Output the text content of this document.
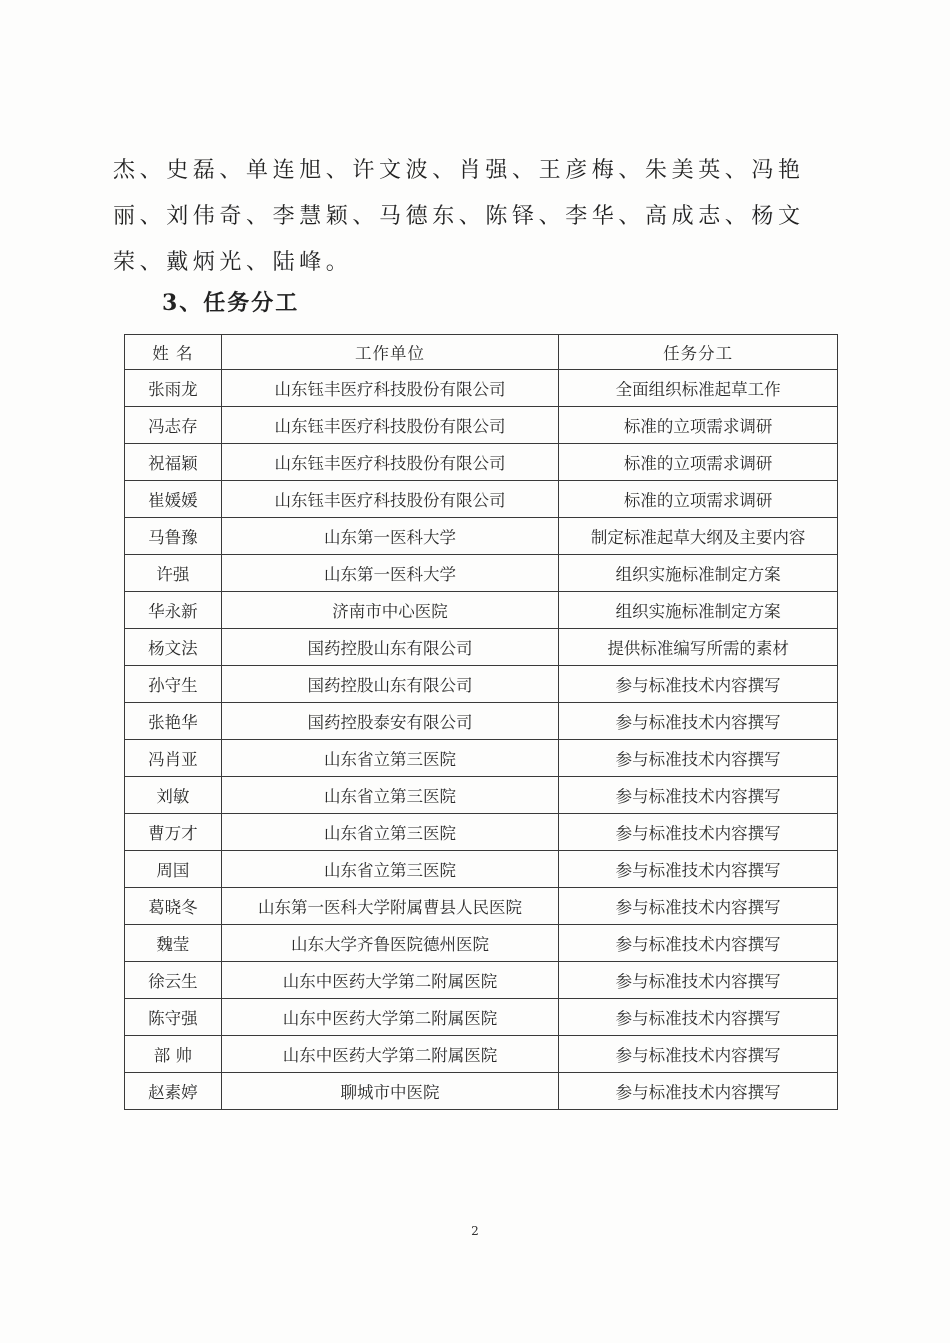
杰、史磊、单连旭、许文波、肖强、王彦梅、朱美英、冯艳丽、刘伟奇、李慧颖、马德东、陈铎、李华、高成志、杨文荣、戴炳光、陆峰。

3、任务分工
姓 名	工作单位	任务分工
张雨龙	山东钰丰医疗科技股份有限公司	全面组织标准起草工作
冯志存	山东钰丰医疗科技股份有限公司	标准的立项需求调研
祝福颖	山东钰丰医疗科技股份有限公司	标准的立项需求调研
崔媛媛	山东钰丰医疗科技股份有限公司	标准的立项需求调研
马鲁豫	山东第一医科大学	制定标准起草大纲及主要内容
许强	山东第一医科大学	组织实施标准制定方案
华永新	济南市中心医院	组织实施标准制定方案
杨文法	国药控股山东有限公司	提供标准编写所需的素材
孙守生	国药控股山东有限公司	参与标准技术内容撰写
张艳华	国药控股泰安有限公司	参与标准技术内容撰写
冯肖亚	山东省立第三医院	参与标准技术内容撰写
刘敏	山东省立第三医院	参与标准技术内容撰写
曹万才	山东省立第三医院	参与标准技术内容撰写
周国	山东省立第三医院	参与标准技术内容撰写
葛晓冬	山东第一医科大学附属曹县人民医院	参与标准技术内容撰写
魏莹	山东大学齐鲁医院德州医院	参与标准技术内容撰写
徐云生	山东中医药大学第二附属医院	参与标准技术内容撰写
陈守强	山东中医药大学第二附属医院	参与标准技术内容撰写
部 帅	山东中医药大学第二附属医院	参与标准技术内容撰写
赵素婷	聊城市中医院	参与标准技术内容撰写
2
